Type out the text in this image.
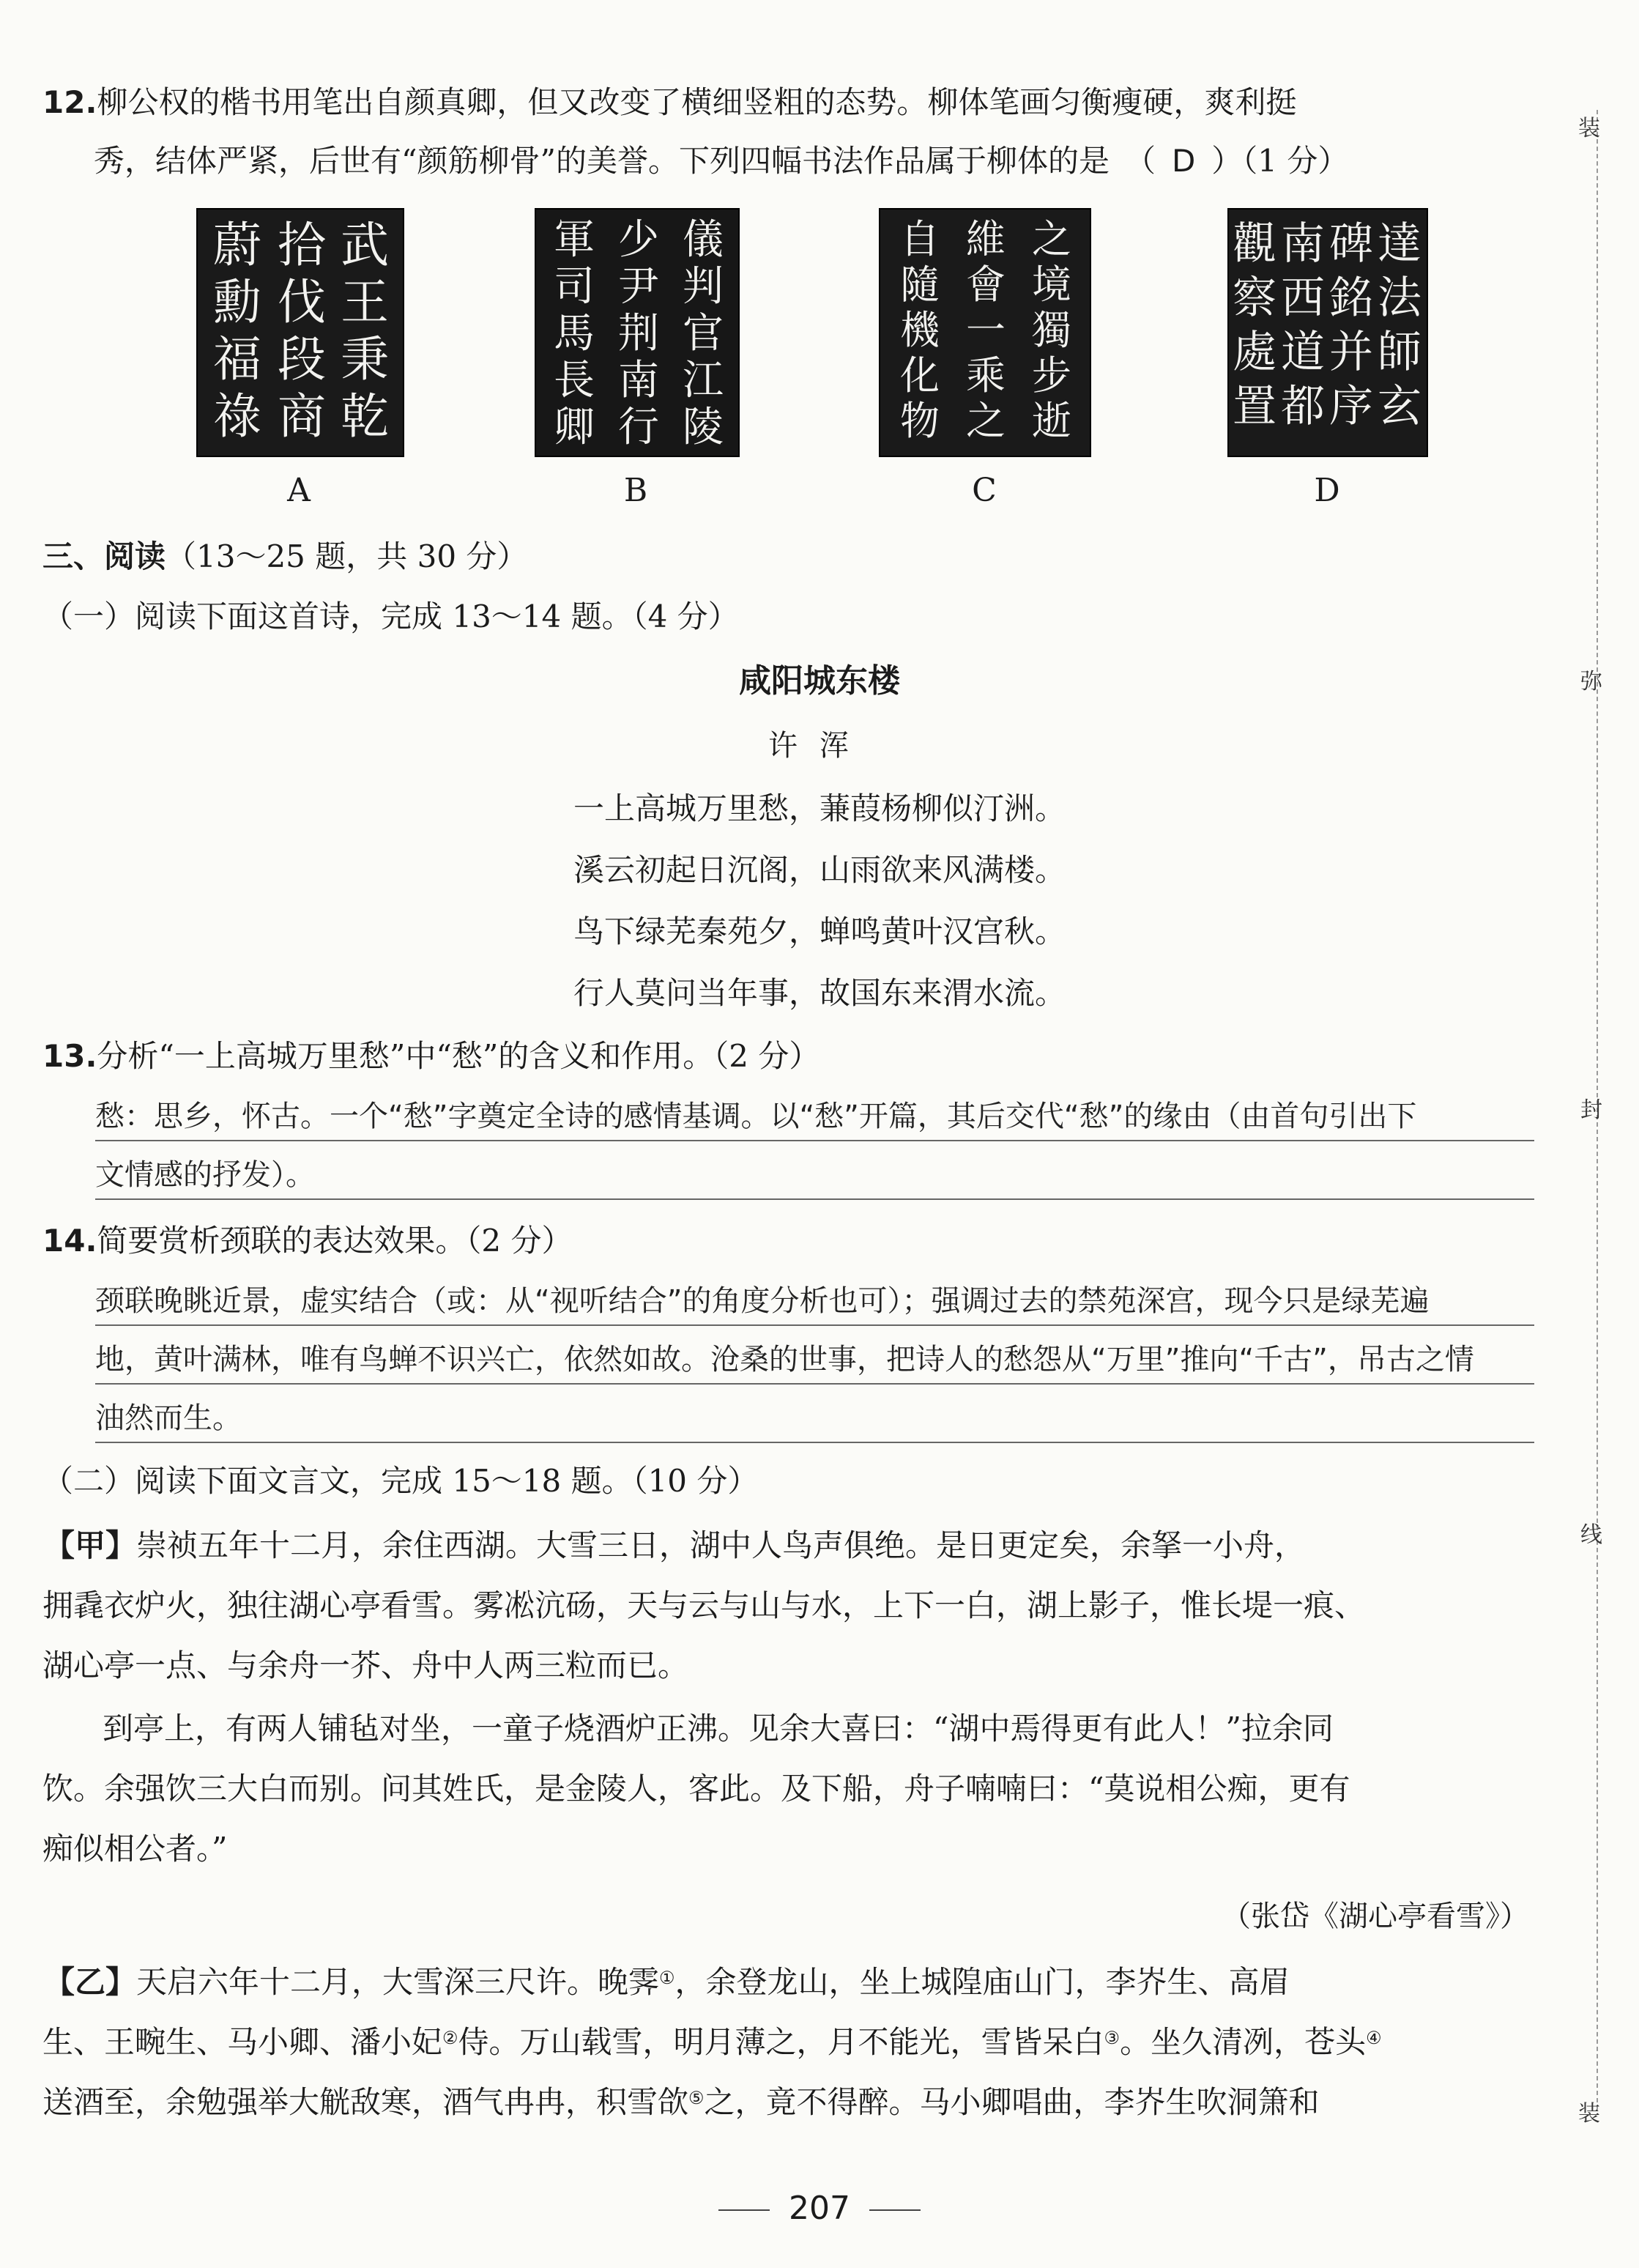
12.柳公权的楷书用笔出自颜真卿，但又改变了横细竖粗的态势。柳体笔画匀衡瘦硬，爽利挺
秀，结体严紧，后世有“颜筋柳骨”的美誉。下列四幅书法作品属于柳体的是　（ D ）（1 分）
武王秉乾
拾伐段商
蔚勳福祿
A
儀判官江陵
少尹荆南行
軍司馬長卿
B
之境獨步逝
維會一乘之
自隨機化物
C
達法師玄
碑銘并序
南西道都
觀察處置
D
三、阅读（13～25 题，共 30 分）
（一）阅读下面这首诗，完成 13～14 题。（4 分）
咸阳城东楼
许浑
一上高城万里愁，蒹葭杨柳似汀洲。
溪云初起日沉阁，山雨欲来风满楼。
鸟下绿芜秦苑夕，蝉鸣黄叶汉宫秋。
行人莫问当年事，故国东来渭水流。
13.分析“一上高城万里愁”中“愁”的含义和作用。（2 分）
愁：思乡，怀古。一个“愁”字奠定全诗的感情基调。以“愁”开篇，其后交代“愁”的缘由（由首句引出下
文情感的抒发）。
14.简要赏析颈联的表达效果。（2 分）
颈联晚眺近景，虚实结合（或：从“视听结合”的角度分析也可）；强调过去的禁苑深宫，现今只是绿芜遍
地，黄叶满林，唯有鸟蝉不识兴亡，依然如故。沧桑的世事，把诗人的愁怨从“万里”推向“千古”，吊古之情
油然而生。
（二）阅读下面文言文，完成 15～18 题。（10 分）
【甲】崇祯五年十二月，余住西湖。大雪三日，湖中人鸟声俱绝。是日更定矣，余拏一小舟，
拥毳衣炉火，独往湖心亭看雪。雾凇沆砀，天与云与山与水，上下一白，湖上影子，惟长堤一痕、
湖心亭一点、与余舟一芥、舟中人两三粒而已。
到亭上，有两人铺毡对坐，一童子烧酒炉正沸。见余大喜曰：“湖中焉得更有此人！”拉余同
饮。余强饮三大白而别。问其姓氏，是金陵人，客此。及下船，舟子喃喃曰：“莫说相公痴，更有
痴似相公者。”
（张岱《湖心亭看雪》）
【乙】天启六年十二月，大雪深三尺许。晚霁①，余登龙山，坐上城隍庙山门，李岕生、高眉
生、王畹生、马小卿、潘小妃②侍。万山载雪，明月薄之，月不能光，雪皆呆白③。坐久清冽，苍头④
送酒至，余勉强举大觥敌寒，酒气冉冉，积雪欱⑤之，竟不得醉。马小卿唱曲，李岕生吹洞箫和
装
弥
封
线
装
207
